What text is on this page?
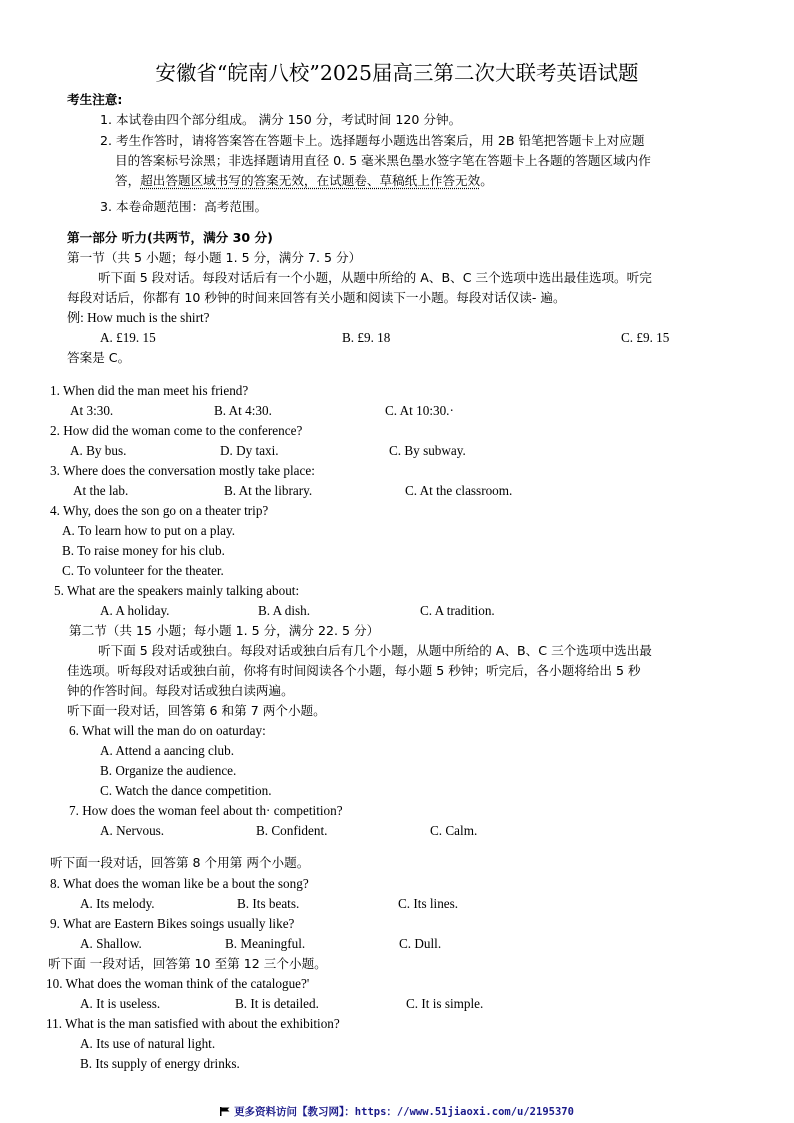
安徽省“皖南八校”2025届高三第二次大联考英语试题
考生注意:
1. 本试卷由四个部分组成。 满分 150 分，考试时间 120 分钟。
2. 考生作答时，请将答案答在答题卡上。选择题每小题选出答案后，用 2B 铅笔把答题卡上对应题
目的答案标号涂黑；非选择题请用直径 0. 5 毫米黑色墨水签字笔在答题卡上各题的答题区域内作
答，超出答题区域书写的答案无效，在试题卷、草稿纸上作答无效。
3. 本卷命题范围：高考范围。
第一部分 听力(共两节，满分 30 分)
第一节（共 5 小题；每小题 1. 5 分，满分 7. 5 分）
听下面 5 段对话。每段对话后有一个小题，从题中所给的 A、B、C 三个选项中选出最佳选项。听完
每段对话后，你都有 10 秒钟的时间来回答有关小题和阅读下一小题。每段对话仅读- 遍。
例: How much is the shirt?
A. £19. 15	B. £9. 18	C. £9. 15
答案是 C。
1. When did the man meet his friend?
At 3:30.	B. At 4:30.	C. At 10:30.·
2. How did the woman come to the conference?
A. By bus.	D. Dy taxi.	C. By subway.
3. Where does the conversation mostly take place:
At the lab.	B. At the library.	C. At the classroom.
4. Why, does the son go on a theater trip?
A. To learn how to put on a play.
B. To raise money for his club.
C. To volunteer for the theater.
5. What are the speakers mainly talking about:
A. A holiday.	B. A dish.	C. A tradition.
第二节（共 15 小题；每小题 1. 5 分，满分 22. 5 分）
听下面 5 段对话或独白。每段对话或独白后有几个小题，从题中所给的 A、B、C 三个选项中选出最
佳选项。听每段对话或独白前，你将有时间阅读各个小题，每小题 5 秒钟；听完后，各小题将给出 5 秒
钟的作答时间。每段对话或独白读两遍。
听下面一段对话，回答第 6 和第 7 两个小题。
6. What will the man do on oaturday:
A. Attend a aancing club.
B. Organize the audience.
C. Watch the dance competition.
7. How does the woman feel about th· competition?
A. Nervous.	B. Confident.	C. Calm.
听下面一段对话，回答第 8 个用第 两个小题。
8. What does the woman like be a bout the song?
A. Its melody.	B. Its beats.	C. Its lines.
9. What are Eastern Bikes soings usually like?
A. Shallow.	B. Meaningful.	C. Dull.
听下面 一段对话，回答第 10 至第 12 三个小题。
10. What does the woman think of the catalogue?'
A. It is useless.	B. It is detailed.	C. It is simple.
11. What is the man satisfied with about the exhibition?
A. Its use of natural light.
B. Its supply of energy drinks.
更多资料访问【教习网】：https：//www.51jiaoxi.com/u/2195370
